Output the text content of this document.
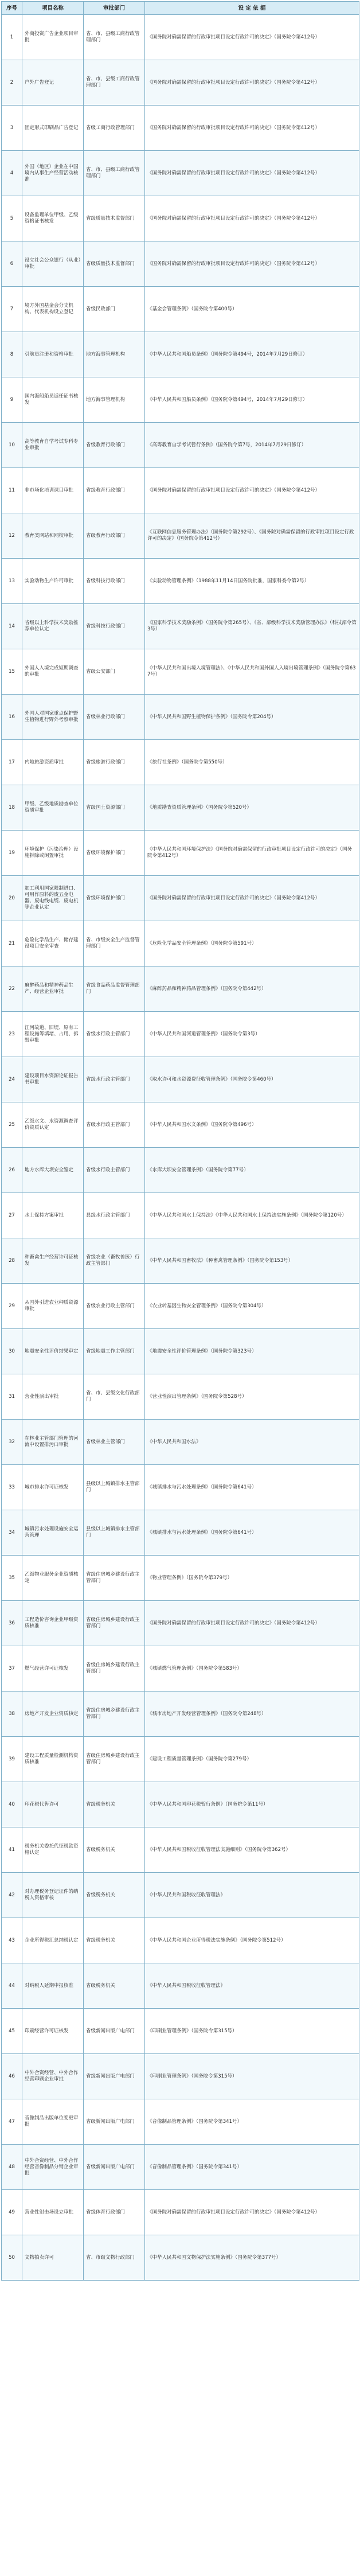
序号	项目名称	审批部门	设 定 依 据
1	外商投资广告企业项目审批	省、市、县级工商行政管理部门	《国务院对确需保留的行政审批项目设定行政许可的决定》（国务院令第412号）
2	户外广告登记	省、市、县级工商行政管理部门	《国务院对确需保留的行政审批项目设定行政许可的决定》（国务院令第412号）
3	固定形式印刷品广告登记	省级工商行政管理部门	《国务院对确需保留的行政审批项目设定行政许可的决定》（国务院令第412号）
4	外国（地区）企业在中国境内从事生产经营活动核准	省、市、县级工商行政管理部门	《国务院对确需保留的行政审批项目设定行政许可的决定》（国务院令第412号）
5	设备监理单位甲级、乙级资格证书核发	省级质量技术监督部门	《国务院对确需保留的行政审批项目设定行政许可的决定》（国务院令第412号）
6	设立社会公众银行（从业）审批	省级质量技术监督部门	《国务院对确需保留的行政审批项目设定行政许可的决定》（国务院令第412号）
7	境方外国基金会分支机构、代表机构设立登记	省级民政部门	《基金会管理条例》（国务院令第400号）
8	引航员注册和资格审批	地方海事管理机构	《中华人民共和国船员条例》（国务院令第494号，2014年7月29日修订）
9	国内海船船员适任证书核发	地方海事管理机构	《中华人民共和国船员条例》（国务院令第494号，2014年7月29日修订）
10	高等教育自学考试专科专业审批	省级教育行政部门	《高等教育自学考试暂行条例》（国务院令第7号，2014年7月29日修订）
11	非市场化培训课目审批	省级教育行政部门	《国务院对确需保留的行政审批项目设定行政许可的决定》（国务院令第412号）
12	教育类网站和网校审批	省级教育行政部门	《互联网信息服务管理办法》（国务院令第292号）、《国务院对确需保留的行政审批项目设定行政许可的决定》（国务院令第412号）
13	实验动物生产许可审批	省级科技行政部门	《实验动物管理条例》（1988年11月14日国务院批准，国家科委令第2号）
14	省级以上科学技术奖励推荐单位认定	省级科技行政部门	《国家科学技术奖励条例》（国务院令第265号）、《省、部级科学技术奖励管理办法》（科技部令第3号）
15	外国人入境完成短期调查的审批	省级公安部门	《中华人民共和国出境入境管理法》、《中华人民共和国外国人入境出境管理条例》（国务院令第637号）
16	外国人对国家重点保护野生植物进行野外考察审批	省级林业行政部门	《中华人民共和国野生植物保护条例》（国务院令第204号）
17	内地旅游资质审批	省级旅游行政部门	《旅行社条例》（国务院令第550号）
18	甲级、乙级地质勘查单位资质审批	省级国土资源部门	《地质勘查资质管理条例》（国务院令第520号）
19	环境保护（污染治理）设施拆除或闲置审批	省级环境保护部门	《中华人民共和国环境保护法》《国务院对确需保留的行政审批项目设定行政许可的决定》（国务院令第412号）
20	加工利用国家限制进口、可用作原料的废五金电器、废电线电缆、废电机等企业认定	省级环境保护部门	《国务院对确需保留的行政审批项目设定行政许可的决定》（国务院令第412号）
21	危险化学品生产、储存建设项目安全审查	省、市级安全生产监督管理部门	《危险化学品安全管理条例》（国务院令第591号）
22	麻醉药品和精神药品生产、经营企业审批	省级食品药品监督管理部门	《麻醉药品和精神药品管理条例》（国务院令第442号）
23	江河故道、旧堤、原有工程设施等填堵、占用、拆毁审批	省级水行政主管部门	《中华人民共和国河道管理条例》（国务院令第3号）
24	建设项目水资源论证报告书审批	省级水行政主管部门	《取水许可和水资源费征收管理条例》（国务院令第460号）
25	乙级水文、水资源调查评价资质认定	省级水行政主管部门	《中华人民共和国水文条例》（国务院令第496号）
26	地方水库大坝安全鉴定	省级水行政主管部门	《水库大坝安全管理条例》（国务院令第77号）
27	水土保持方案审批	县级水行政主管部门	《中华人民共和国水土保持法》《中华人民共和国水土保持法实施条例》（国务院令第120号）
28	种畜禽生产经营许可证核发	省级农业（畜牧兽医）行政主管部门	《中华人民共和国畜牧法》《种畜禽管理条例》（国务院令第153号）
29	从国外引进农业种质资源审批	省级农业行政主管部门	《农业转基因生物安全管理条例》（国务院令第304号）
30	地震安全性评价结果审定	省级地震工作主管部门	《地震安全性评价管理条例》（国务院令第323号）
31	营业性演出审批	省、市、县级文化行政部门	《营业性演出管理条例》（国务院令第528号）
32	在林业主管部门管理的河流中设置排污口审批	省级林业主管部门	《中华人民共和国水法》
33	城市排水许可证核发	县级以上城镇排水主管部门	《城镇排水与污水处理条例》（国务院令第641号）
34	城镇污水处理设施安全运营管理	县级以上城镇排水主管部门	《城镇排水与污水处理条例》（国务院令第641号）
35	乙级物业服务企业资质核定	省级住房城乡建设行政主管部门	《物业管理条例》（国务院令第379号）
36	工程造价咨询企业甲级资质核准	省级住房城乡建设行政主管部门	《国务院对确需保留的行政审批项目设定行政许可的决定》（国务院令第412号）
37	燃气经营许可证核发	省级住房城乡建设行政主管部门	《城镇燃气管理条例》（国务院令第583号）
38	房地产开发企业资质核定	省级住房城乡建设行政主管部门	《城市房地产开发经营管理条例》（国务院令第248号）
39	建设工程质量检测机构资质核准	省级住房城乡建设行政主管部门	《建设工程质量管理条例》（国务院令第279号）
40	印花税代售许可	省级税务机关	《中华人民共和国印花税暂行条例》（国务院令第11号）
41	税务机关委托代征税款资格认定	省级税务机关	《中华人民共和国税收征收管理法实施细则》（国务院令第362号）
42	对办理税务登记证件的纳税人资格审核	省级税务机关	《中华人民共和国税收征收管理法》
43	企业所得税汇总纳税认定	省级税务机关	《中华人民共和国企业所得税法实施条例》（国务院令第512号）
44	对纳税人延期申报核准	省级税务机关	《中华人民共和国税收征收管理法》
45	印刷经营许可证核发	省级新闻出版广电部门	《印刷业管理条例》（国务院令第315号）
46	中外合资经营、中外合作经营印刷企业审批	省级新闻出版广电部门	《印刷业管理条例》（国务院令第315号）
47	音像制品出版单位变更审批	省级新闻出版广电部门	《音像制品管理条例》（国务院令第341号）
48	中外合资经营、中外合作经营音像制品分销企业审批	省级新闻出版广电部门	《音像制品管理条例》（国务院令第341号）
49	营业性射击场设立审批	省级体育行政部门	《国务院对确需保留的行政审批项目设定行政许可的决定》（国务院令第412号）
50	文物拍卖许可	省、市级文物行政部门	《中华人民共和国文物保护法实施条例》（国务院令第377号）
